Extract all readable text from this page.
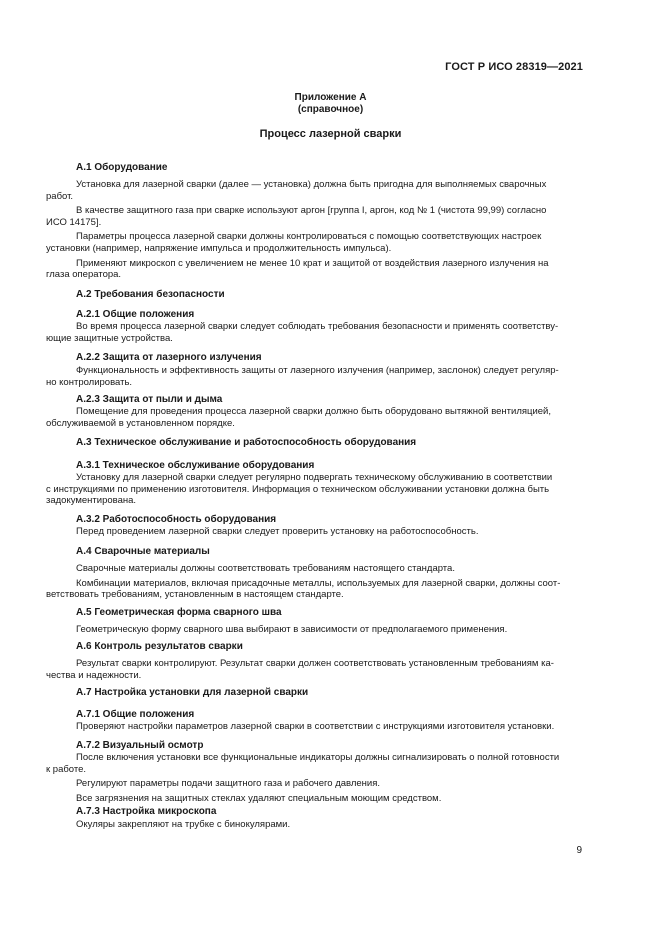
ГОСТ Р ИСО 28319—2021
Приложение А
(справочное)
Процесс лазерной сварки

А.1 Оборудование

Установка для лазерной сварки (далее — установка) должна быть пригодна для выполняемых сварочных
работ.
В качестве защитного газа при сварке используют аргон [группа I, аргон, код № 1 (чистота 99,99) согласно
ИСО 14175].
Параметры процесса лазерной сварки должны контролироваться с помощью соответствующих настроек
установки (например, напряжение импульса и продолжительность импульса).
Применяют микроскоп с увеличением не менее 10 крат и защитой от воздействия лазерного излучения на
глаза оператора.

А.2 Требования безопасности

А.2.1 Общие положения

Во время процесса лазерной сварки следует соблюдать требования безопасности и применять соответству-
ющие защитные устройства.

А.2.2 Защита от лазерного излучения

Функциональность и эффективность защиты от лазерного излучения (например, заслонок) следует регуляр-
но контролировать.

А.2.3 Защита от пыли и дыма

Помещение для проведения процесса лазерной сварки должно быть оборудовано вытяжной вентиляцией,
обслуживаемой в установленном порядке.

А.3 Техническое обслуживание и работоспособность оборудования

А.3.1 Техническое обслуживание оборудования

Установку для лазерной сварки следует регулярно подвергать техническому обслуживанию в соответствии
с инструкциями по применению изготовителя. Информация о техническом обслуживании установки должна быть
задокументирована.

А.3.2 Работоспособность оборудования

Перед проведением лазерной сварки следует проверить установку на работоспособность.

А.4 Сварочные материалы

Сварочные материалы должны соответствовать требованиям настоящего стандарта.
Комбинации материалов, включая присадочные металлы, используемых для лазерной сварки, должны соот-
ветствовать требованиям, установленным в настоящем стандарте.

А.5 Геометрическая форма сварного шва

Геометрическую форму сварного шва выбирают в зависимости от предполагаемого применения.

А.6 Контроль результатов сварки

Результат сварки контролируют. Результат сварки должен соответствовать установленным требованиям ка-
чества и надежности.

А.7 Настройка установки для лазерной сварки

А.7.1 Общие положения

Проверяют настройки параметров лазерной сварки в соответствии с инструкциями изготовителя установки.

А.7.2 Визуальный осмотр

После включения установки все функциональные индикаторы должны сигнализировать о полной готовности
к работе.
Регулируют параметры подачи защитного газа и рабочего давления.
Все загрязнения на защитных стеклах удаляют специальным моющим средством.

А.7.3 Настройка микроскопа

Окуляры закрепляют на трубке с бинокулярами.

9
